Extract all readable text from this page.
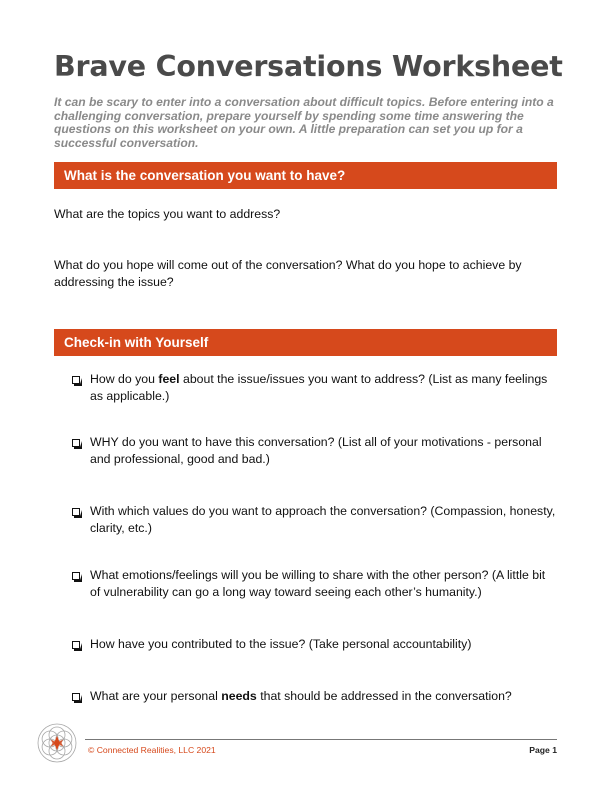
Brave Conversations Worksheet
It can be scary to enter into a conversation about difficult topics. Before entering into a challenging conversation, prepare yourself by spending some time answering the questions on this worksheet on your own. A little preparation can set you up for a successful conversation.
What is the conversation you want to have?
What are the topics you want to address?
What do you hope will come out of the conversation? What do you hope to achieve by addressing the issue?
Check-in with Yourself
How do you feel about the issue/issues you want to address? (List as many feelings as applicable.)
WHY do you want to have this conversation? (List all of your motivations - personal and professional, good and bad.)
With which values do you want to approach the conversation? (Compassion, honesty, clarity, etc.)
What emotions/feelings will you be willing to share with the other person? (A little bit of vulnerability can go a long way toward seeing each other’s humanity.)
How have you contributed to the issue? (Take personal accountability)
What are your personal needs that should be addressed in the conversation?
© Connected Realities, LLC 2021	Page 1
